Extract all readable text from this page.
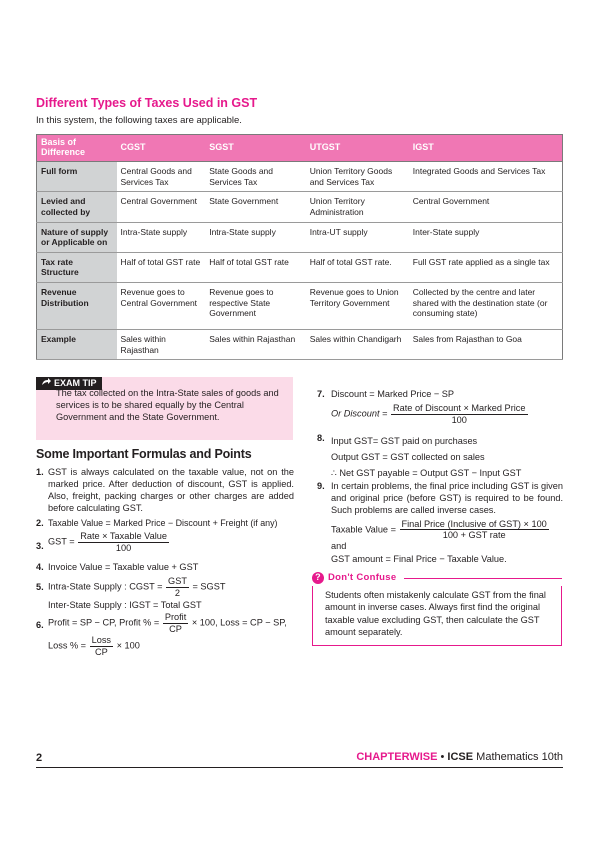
Different Types of Taxes Used in GST
In this system, the following taxes are applicable.
Basis of Difference	CGST	SGST	UTGST	IGST
Full form	Central Goods and Services Tax	State Goods and Services Tax	Union Territory Goods and Services Tax	Integrated Goods and Services Tax
Levied and collected by	Central Government	State Government	Union Territory Administration	Central Government
Nature of supply or Applicable on	Intra-State supply	Intra-State supply	Intra-UT supply	Inter-State supply
Tax rate Structure	Half of total GST rate	Half of total GST rate	Half of total GST rate.	Full GST rate applied as a single tax
Revenue Distribution	Revenue goes to Central Government	Revenue goes to respective State Government	Revenue goes to Union Territory Government	Collected by the centre and later shared with the destination state (or consuming state)
Example	Sales within Rajasthan	Sales within Rajasthan	Sales within Chandigarh	Sales from Rajasthan to Goa
EXAM TIP
The tax collected on the Intra-State sales of goods and services is to be shared equally by the Central Government and the State Government.
Some Important Formulas and Points
1. GST is always calculated on the taxable value, not on the marked price. After deduction of discount, GST is applied. Also, freight, packing charges or other charges are added before calculating GST.
2. Taxable Value = Marked Price − Discount + Freight (if any)
3. GST = $\frac{\text{Rate × Taxable Value}}{100}$
4. Invoice Value = Taxable value + GST
5. Intra-State Supply : CGST = $\frac{\text{GST}}{2}$ = SGST
Inter-State Supply : IGST = Total GST
6. Profit = SP − CP, Profit % = $\frac{\text{Profit}}{CP} \times 100$, Loss = CP − SP,
Loss % = $\frac{\text{Loss}}{CP} \times 100$
7. Discount = Marked Price − SP
Or Discount = $\frac{\text{Rate of Discount × Marked Price}}{100}$
8. Input GST= GST paid on purchases
Output GST = GST collected on sales
∴ Net GST payable = Output GST − Input GST
9. In certain problems, the final price including GST is given and original price (before GST) is required to be found. Such problems are called inverse cases.
Taxable Value = $\frac{\text{Final Price (Inclusive of GST) × 100}}{\text{100 + GST rate}}$
and
GST amount = Final Price − Taxable Value.
? Don't Confuse
Students often mistakenly calculate GST from the final amount in inverse cases. Always first find the original taxable value excluding GST, then calculate the GST amount separately.
2	CHAPTERWISE • ICSE Mathematics 10th
